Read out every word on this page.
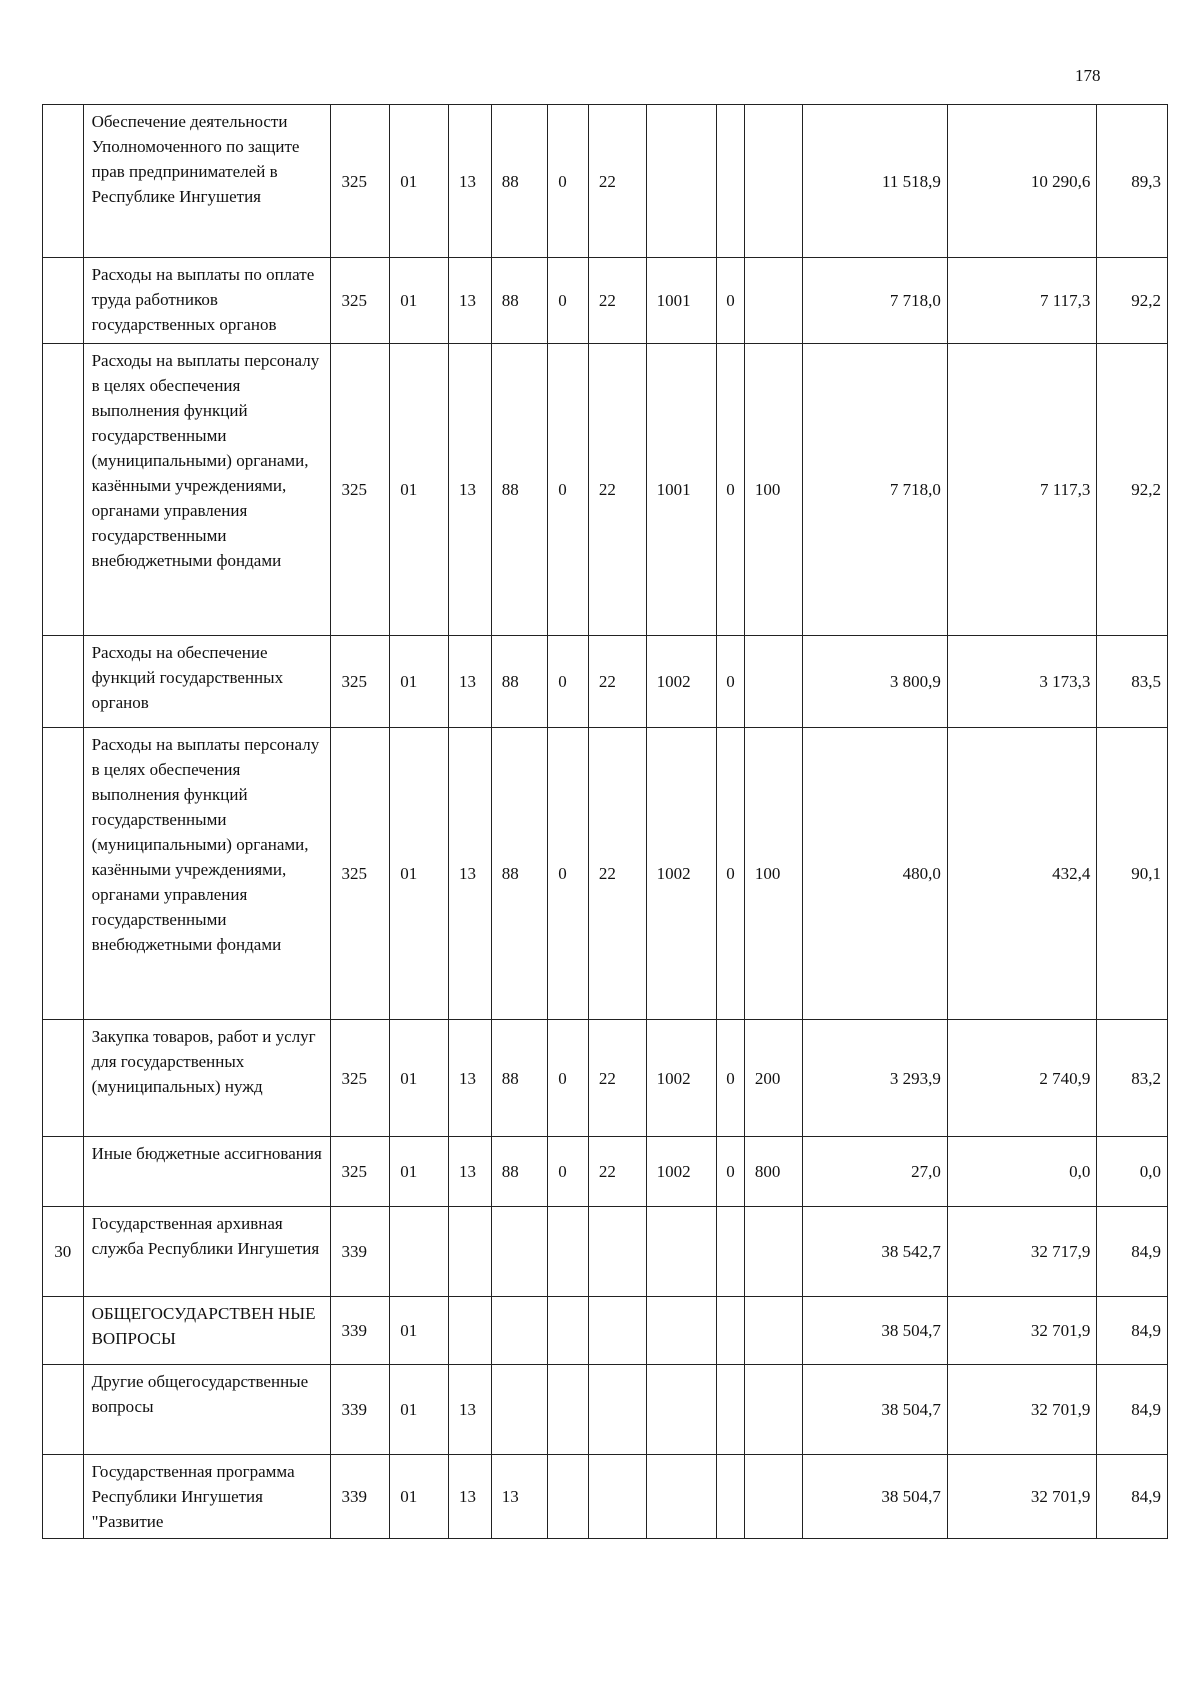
178
	Обеспечение деятельности Уполномоченного по защите прав предпринимателей в Республике Ингушетия	325	01	13	88	0	22				11 518,9	10 290,6	89,3
	Расходы на выплаты по оплате труда работников государственных органов	325	01	13	88	0	22	1001	0		7 718,0	7 117,3	92,2
	Расходы на выплаты персоналу в целях обеспечения выполнения функций государственными (муниципальными) органами, казёнными учреждениями, органами управления государственными внебюджетными фондами	325	01	13	88	0	22	1001	0	100	7 718,0	7 117,3	92,2
	Расходы на обеспечение функций государственных органов	325	01	13	88	0	22	1002	0		3 800,9	3 173,3	83,5
	Расходы на выплаты персоналу в целях обеспечения выполнения функций государственными (муниципальными) органами, казёнными учреждениями, органами управления государственными внебюджетными фондами	325	01	13	88	0	22	1002	0	100	480,0	432,4	90,1
	Закупка товаров, работ и услуг для государственных (муниципальных) нужд	325	01	13	88	0	22	1002	0	200	3 293,9	2 740,9	83,2
	Иные бюджетные ассигнования	325	01	13	88	0	22	1002	0	800	27,0	0,0	0,0
30	Государственная архивная служба Республики Ингушетия	339									38 542,7	32 717,9	84,9
	ОБЩЕГОСУДАРСТВЕН НЫЕ ВОПРОСЫ	339	01								38 504,7	32 701,9	84,9
	Другие общегосударственные вопросы	339	01	13							38 504,7	32 701,9	84,9
	Государственная программа Республики Ингушетия "Развитие	339	01	13	13						38 504,7	32 701,9	84,9
